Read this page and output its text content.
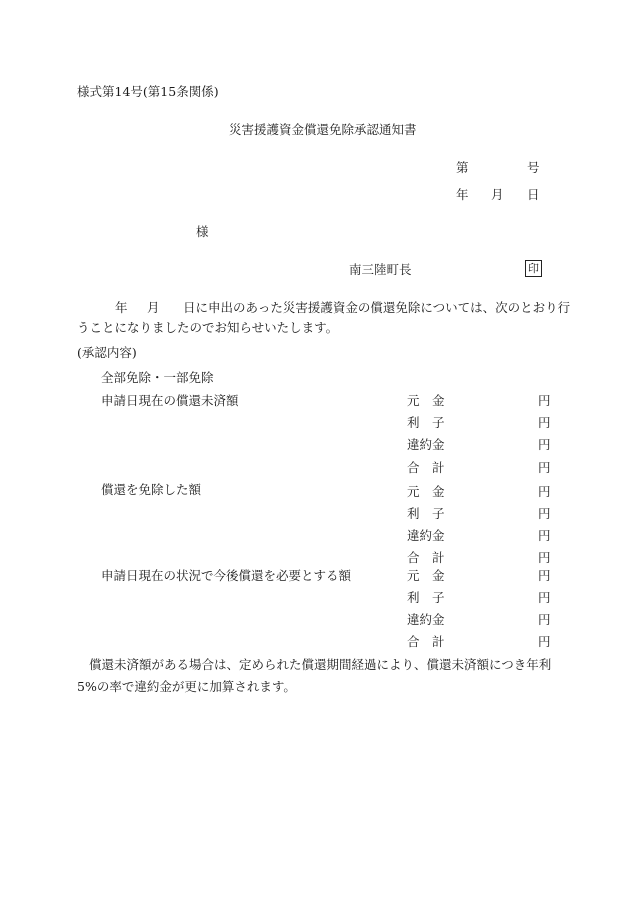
様式第14号(第15条関係)
災害援護資金償還免除承認通知書
第	号
年 月 日
様
南三陸町長	印
年 月 日に申出のあった災害援護資金の償還免除については、次のとおり行
うことになりましたのでお知らせいたします。
(承認内容)
全部免除・一部免除
申請日現在の償還未済額	元　金	円
利　子	円
違約金	円
合　計	円
償還を免除した額	元　金	円
利　子	円
違約金	円
合　計	円
申請日現在の状況で今後償還を必要とする額	元　金	円
利　子	円
違約金	円
合　計	円
償還未済額がある場合は、定められた償還期間経過により、償還未済額につき年利
5%の率で違約金が更に加算されます。
